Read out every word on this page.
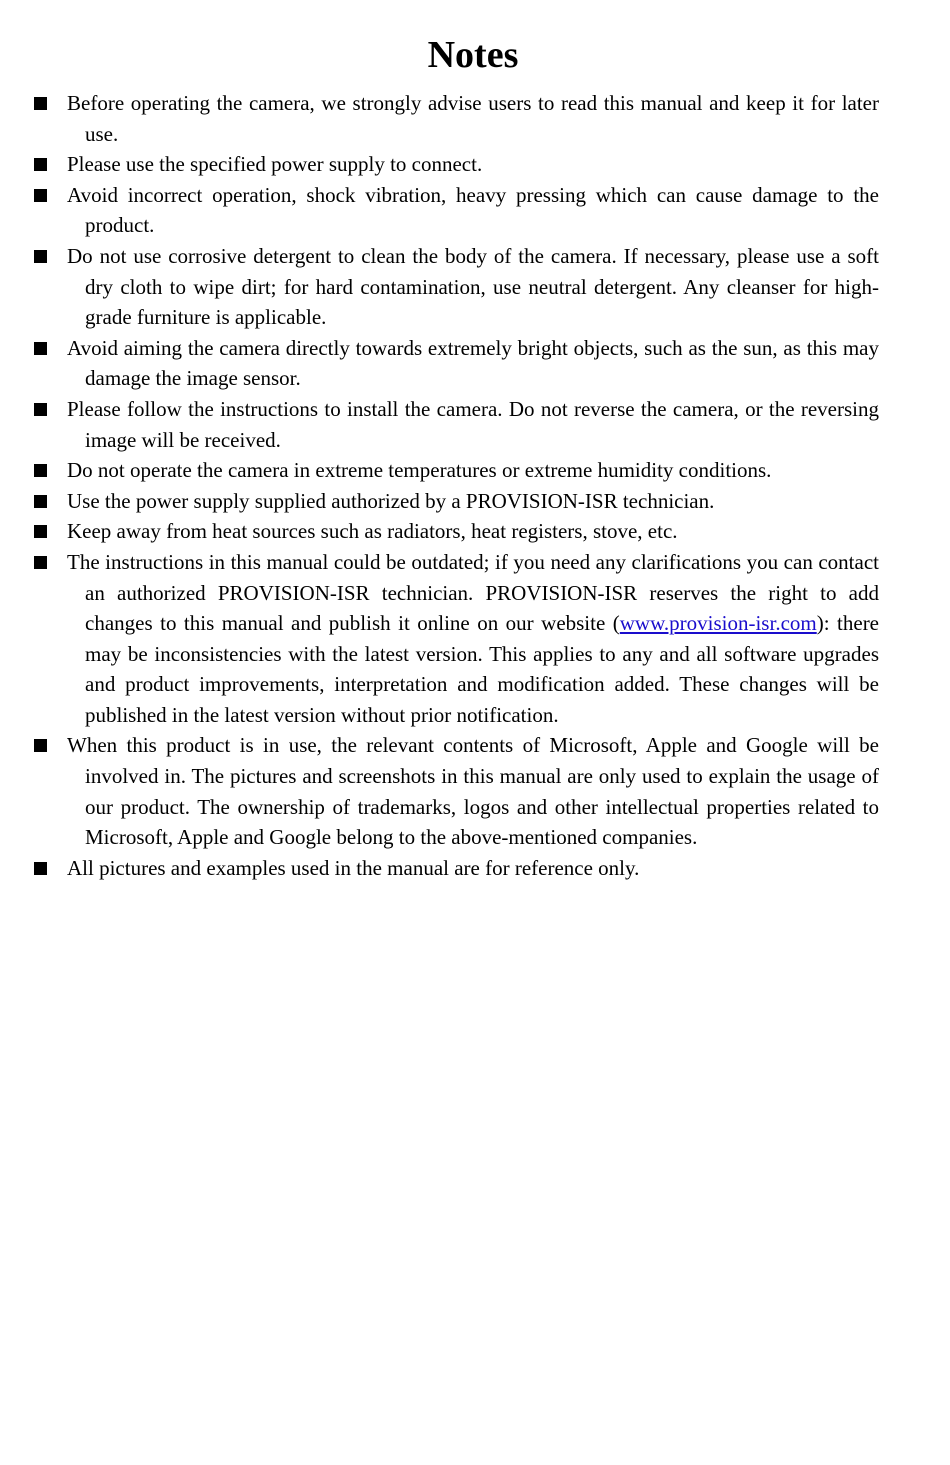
Notes
Before operating the camera, we strongly advise users to read this manual and keep it for later use.
Please use the specified power supply to connect.
Avoid incorrect operation, shock vibration, heavy pressing which can cause damage to the product.
Do not use corrosive detergent to clean the body of the camera. If necessary, please use a soft dry cloth to wipe dirt; for hard contamination, use neutral detergent. Any cleanser for high-grade furniture is applicable.
Avoid aiming the camera directly towards extremely bright objects, such as the sun, as this may damage the image sensor.
Please follow the instructions to install the camera. Do not reverse the camera, or the reversing image will be received.
Do not operate the camera in extreme temperatures or extreme humidity conditions.
Use the power supply supplied authorized by a PROVISION-ISR technician.
Keep away from heat sources such as radiators, heat registers, stove, etc.
The instructions in this manual could be outdated; if you need any clarifications you can contact an authorized PROVISION-ISR technician. PROVISION-ISR reserves the right to add changes to this manual and publish it online on our website (www.provision-isr.com): there may be inconsistencies with the latest version. This applies to any and all software upgrades and product improvements, interpretation and modification added. These changes will be published in the latest version without prior notification.
When this product is in use, the relevant contents of Microsoft, Apple and Google will be involved in. The pictures and screenshots in this manual are only used to explain the usage of our product. The ownership of trademarks, logos and other intellectual properties related to Microsoft, Apple and Google belong to the above-mentioned companies.
All pictures and examples used in the manual are for reference only.
